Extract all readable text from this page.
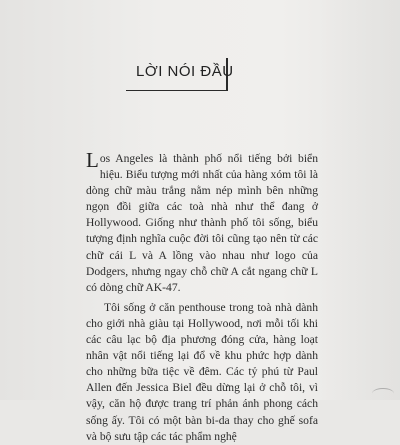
LỜI NÓI ĐẦU

Los Angeles là thành phố nổi tiếng bởi biển hiệu. Biểu tượng mới nhất của hàng xóm tôi là dòng chữ màu trắng nằm nép mình bên những ngọn đồi giữa các toà nhà như thể đang ở Hollywood. Giống như thành phố tôi sống, biểu tượng định nghĩa cuộc đời tôi cũng tạo nên từ các chữ cái L và A lồng vào nhau như logo của Dodgers, nhưng ngay chỗ chữ A cắt ngang chữ L có dòng chữ AK-47.

Tôi sống ở căn penthouse trong toà nhà dành cho giới nhà giàu tại Hollywood, nơi mỗi tối khi các câu lạc bộ địa phương đóng cửa, hàng loạt nhân vật nổi tiếng lại đổ về khu phức hợp dành cho những bữa tiệc về đêm. Các tỷ phú từ Paul Allen đến Jessica Biel đều dừng lại ở chỗ tôi, vì vậy, căn hộ được trang trí phản ánh phong cách sống ấy. Tôi có một bàn bi-da thay cho ghế sofa và bộ sưu tập các tác phẩm nghệ
